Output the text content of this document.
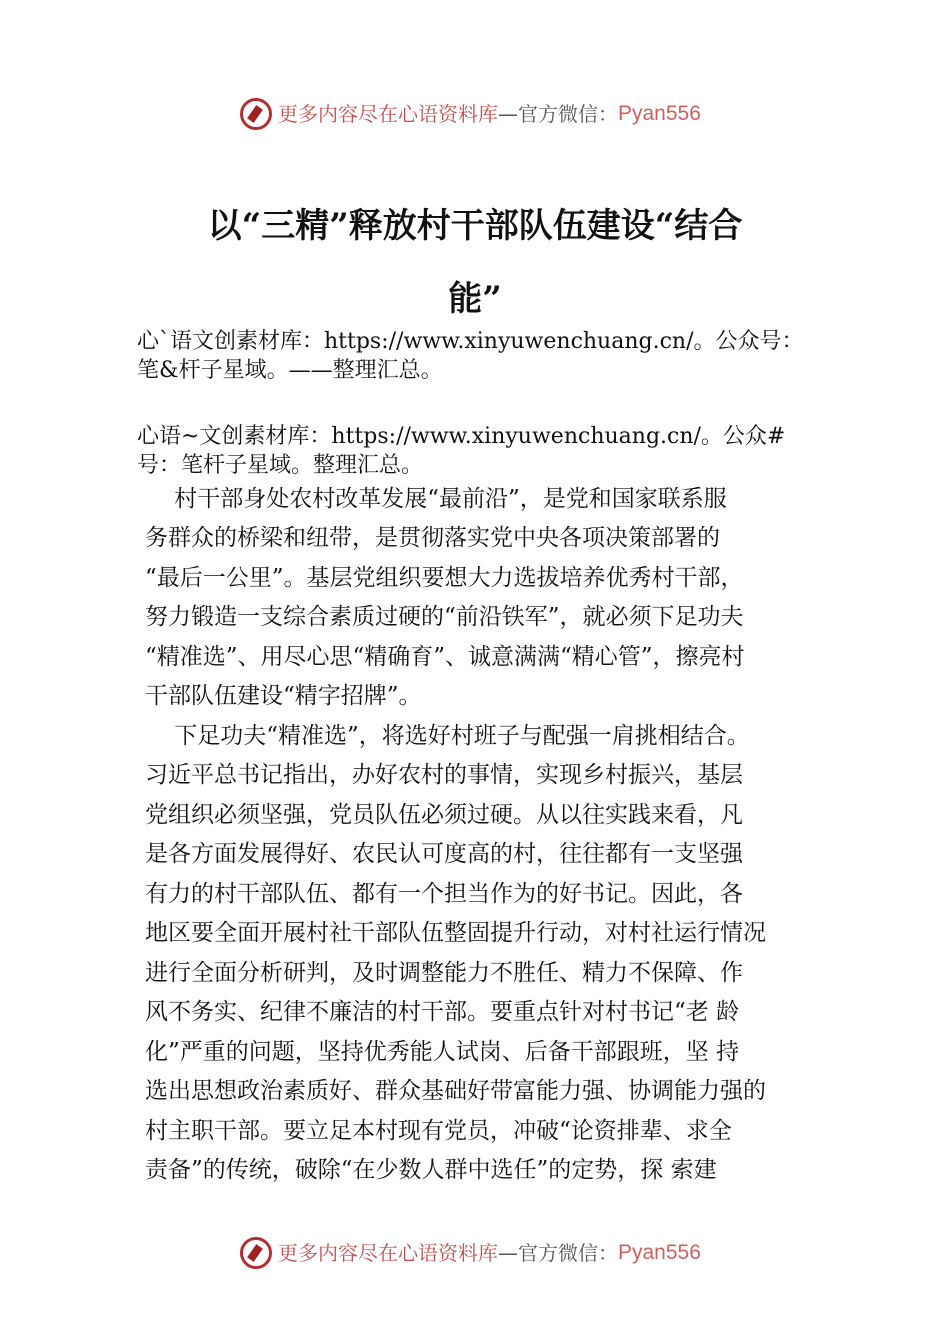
更多内容尽在心语资料库 —官方微信： Pyan556
以“三精”释放村干部队伍建设“结合
能”
心`语文创素材库：https://www.xinyuwenchuang.cn/。公众号：
笔&杆子星域。——整理汇总。
心语~文创素材库：https://www.xinyuwenchuang.cn/。公众#
号：笔杆子星域。整理汇总。
村干部身处农村改革发展“最前沿”，是党和国家联系服
务群众的桥梁和纽带，是贯彻落实党中央各项决策部署的
“最后一公里”。基层党组织要想大力选拔培养优秀村干部，
努力锻造一支综合素质过硬的“前沿铁军”，就必须下足功夫
“精准选”、用尽心思“精确育”、诚意满满“精心管”，擦亮村
干部队伍建设“精字招牌”。
下足功夫“精准选”，将选好村班子与配强一肩挑相结合。
习近平总书记指出，办好农村的事情，实现乡村振兴，基层
党组织必须坚强，党员队伍必须过硬。从以往实践来看，凡
是各方面发展得好、农民认可度高的村，往往都有一支坚强
有力的村干部队伍、都有一个担当作为的好书记。因此，各
地区要全面开展村社干部队伍整固提升行动，对村社运行情况
进行全面分析研判，及时调整能力不胜任、精力不保障、作
风不务实、纪律不廉洁的村干部。要重点针对村书记“老 龄
化”严重的问题，坚持优秀能人试岗、后备干部跟班，坚 持
选出思想政治素质好、群众基础好带富能力强、协调能力强的
村主职干部。要立足本村现有党员，冲破“论资排辈、求全
责备”的传统，破除“在少数人群中选任”的定势，探 索建
更多内容尽在心语资料库 —官方微信： Pyan556
